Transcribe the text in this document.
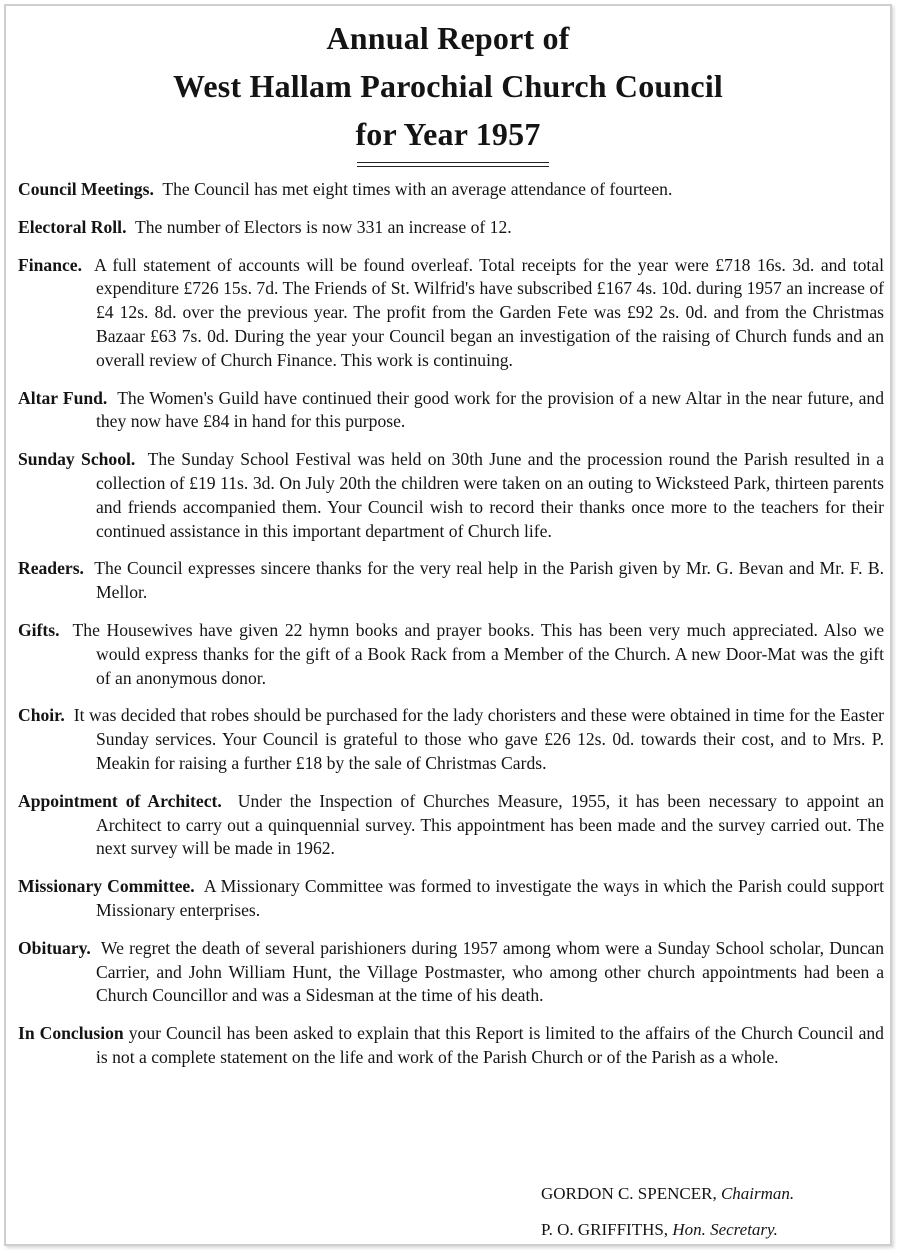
Annual Report of
West Hallam Parochial Church Council
for Year 1957

Council Meetings. The Council has met eight times with an average attendance of fourteen.

Electoral Roll. The number of Electors is now 331 an increase of 12.

Finance. A full statement of accounts will be found overleaf. Total receipts for the year were £718 16s. 3d. and total expenditure £726 15s. 7d. The Friends of St. Wilfrid's have subscribed £167 4s. 10d. during 1957 an increase of £4 12s. 8d. over the previous year. The profit from the Garden Fete was £92 2s. 0d. and from the Christmas Bazaar £63 7s. 0d. During the year your Council began an investigation of the raising of Church funds and an overall review of Church Finance. This work is continuing.

Altar Fund. The Women's Guild have continued their good work for the provision of a new Altar in the near future, and they now have £84 in hand for this purpose.

Sunday School. The Sunday School Festival was held on 30th June and the procession round the Parish resulted in a collection of £19 11s. 3d. On July 20th the children were taken on an outing to Wicksteed Park, thirteen parents and friends accompanied them. Your Council wish to record their thanks once more to the teachers for their continued assistance in this important department of Church life.

Readers. The Council expresses sincere thanks for the very real help in the Parish given by Mr. G. Bevan and Mr. F. B. Mellor.

Gifts. The Housewives have given 22 hymn books and prayer books. This has been very much appreciated. Also we would express thanks for the gift of a Book Rack from a Member of the Church. A new Door-Mat was the gift of an anonymous donor.

Choir. It was decided that robes should be purchased for the lady choristers and these were obtained in time for the Easter Sunday services. Your Council is grateful to those who gave £26 12s. 0d. towards their cost, and to Mrs. P. Meakin for raising a further £18 by the sale of Christmas Cards.

Appointment of Architect. Under the Inspection of Churches Measure, 1955, it has been necessary to appoint an Architect to carry out a quinquennial survey. This appointment has been made and the survey carried out. The next survey will be made in 1962.

Missionary Committee. A Missionary Committee was formed to investigate the ways in which the Parish could support Missionary enterprises.

Obituary. We regret the death of several parishioners during 1957 among whom were a Sunday School scholar, Duncan Carrier, and John William Hunt, the Village Postmaster, who among other church appointments had been a Church Councillor and was a Sidesman at the time of his death.

In Conclusion your Council has been asked to explain that this Report is limited to the affairs of the Church Council and is not a complete statement on the life and work of the Parish Church or of the Parish as a whole.

GORDON C. SPENCER, Chairman.
P. O. GRIFFITHS, Hon. Secretary.
